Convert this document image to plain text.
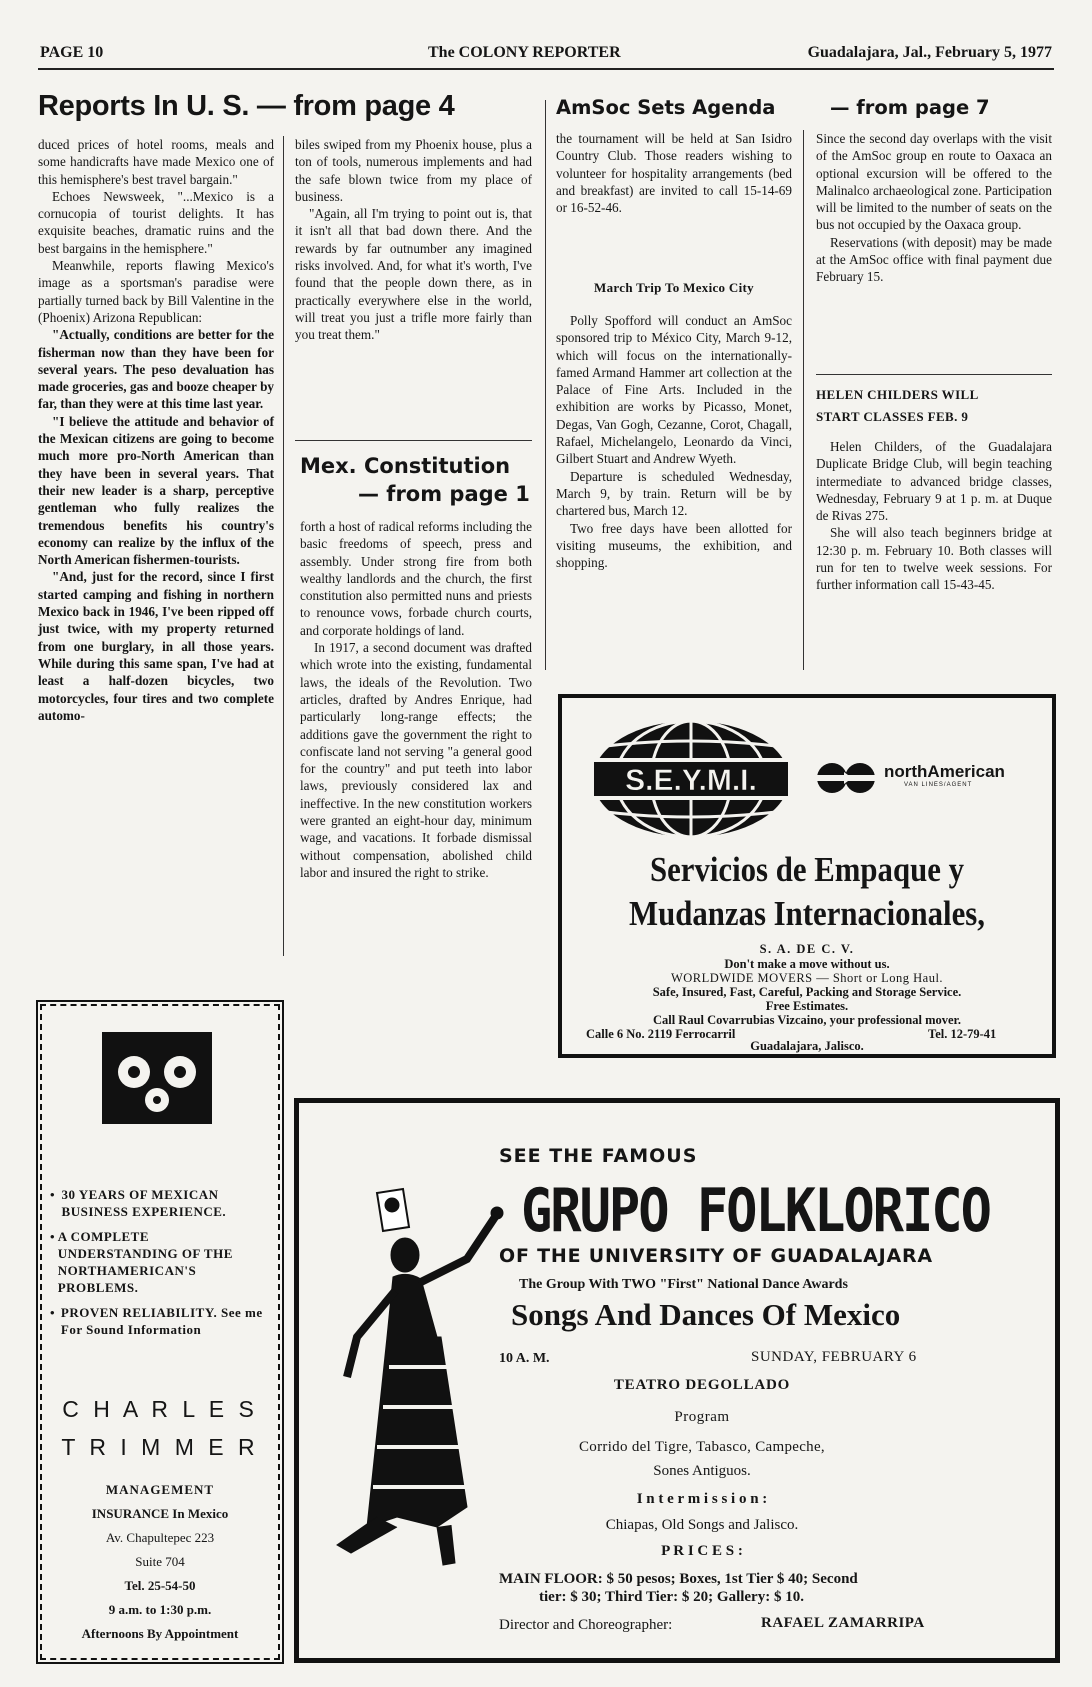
PAGE 10	The COLONY REPORTER	Guadalajara, Jal., February 5, 1977
Reports In U. S. — from page 4

duced prices of hotel rooms, meals and some handicrafts have made Mexico one of this hemisphere's best travel bargain."

Echoes Newsweek, "...Mexico is a cornucopia of tourist delights. It has exquisite beaches, dramatic ruins and the best bargains in the hemisphere."

Meanwhile, reports flawing Mexico's image as a sportsman's paradise were partially turned back by Bill Valentine in the (Phoenix) Arizona Republican:

"Actually, conditions are better for the fisherman now than they have been for several years. The peso devaluation has made groceries, gas and booze cheaper by far, than they were at this time last year.

"I believe the attitude and behavior of the Mexican citizens are going to become much more pro-North American than they have been in several years. That their new leader is a sharp, perceptive gentleman who fully realizes the tremendous benefits his country's economy can realize by the influx of the North American fishermen-tourists.

"And, just for the record, since I first started camping and fishing in northern Mexico back in 1946, I've been ripped off just twice, with my property returned from one burglary, in all those years. While during this same span, I've had at least a half-dozen bicycles, two motorcycles, four tires and two complete automo-

biles swiped from my Phoenix house, plus a ton of tools, numerous implements and had the safe blown twice from my place of business.

"Again, all I'm trying to point out is, that it isn't all that bad down there. And the rewards by far outnumber any imagined risks involved. And, for what it's worth, I've found that the people down there, as in practically everywhere else in the world, will treat you just a trifle more fairly than you treat them."

Mex. Constitution
— from page 1

forth a host of radical reforms including the basic freedoms of speech, press and assembly. Under strong fire from both wealthy landlords and the church, the first constitution also permitted nuns and priests to renounce vows, forbade church courts, and corporate holdings of land.

In 1917, a second document was drafted which wrote into the existing, fundamental laws, the ideals of the Revolution. Two articles, drafted by Andres Enrique, had particularly long-range effects; the additions gave the government the right to confiscate land not serving "a general good for the country" and put teeth into labor laws, previously considered lax and ineffective. In the new constitution workers were granted an eight-hour day, minimum wage, and vacations. It forbade dismissal without compensation, abolished child labor and insured the right to strike.

AmSoc Sets Agenda	— from page 7

the tournament will be held at San Isidro Country Club. Those readers wishing to volunteer for hospitality arrangements (bed and breakfast) are invited to call 15-14-69 or 16-52-46.

March Trip To Mexico City

Polly Spofford will conduct an AmSoc sponsored trip to México City, March 9-12, which will focus on the internationally-famed Armand Hammer art collection at the Palace of Fine Arts. Included in the exhibition are works by Picasso, Monet, Degas, Van Gogh, Cezanne, Corot, Chagall, Rafael, Michelangelo, Leonardo da Vinci, Gilbert Stuart and Andrew Wyeth.

Departure is scheduled Wednesday, March 9, by train. Return will be by chartered bus, March 12.

Two free days have been allotted for visiting museums, the exhibition, and shopping.

Since the second day overlaps with the visit of the AmSoc group en route to Oaxaca an optional excursion will be offered to the Malinalco archaeological zone. Participation will be limited to the number of seats on the bus not occupied by the Oaxaca group.

Reservations (with deposit) may be made at the AmSoc office with final payment due February 15.

HELEN CHILDERS WILL
START CLASSES FEB. 9

Helen Childers, of the Guadalajara Duplicate Bridge Club, will begin teaching intermediate to advanced bridge classes, Wednesday, February 9 at 1 p. m. at Duque de Rivas 275.

She will also teach beginners bridge at 12:30 p. m. February 10. Both classes will run for ten to twelve week sessions. For further information call 15-43-45.

S.E.Y.M.I.	northAmerican
VAN LINES/AGENT
Servicios de Empaque y
Mudanzas Internacionales,
S. A. DE C. V.
Don't make a move without us.
WORLDWIDE MOVERS — Short or Long Haul.
Safe, Insured, Fast, Careful, Packing and Storage Service.
Free Estimates.
Call Raul Covarrubias Vizcaino, your professional mover.
Calle 6 No. 2119 Ferrocarril	Tel. 12-79-41
Guadalajara, Jalisco.
• 30 YEARS OF MEXICAN BUSINESS EXPERIENCE.
• A COMPLETE UNDERSTANDING OF THE NORTHAMERICAN'S PROBLEMS.
• PROVEN RELIABILITY. See me For Sound Information
C H A R L E S
T R I M M E R
MANAGEMENT
INSURANCE In Mexico
Av. Chapultepec 223
Suite 704
Tel. 25-54-50
9 a.m. to 1:30 p.m.
Afternoons By Appointment
SEE THE FAMOUS
GRUPO FOLKLORICO
OF THE UNIVERSITY OF GUADALAJARA
The Group With TWO "First" National Dance Awards
Songs And Dances Of Mexico
10 A. M.	SUNDAY, FEBRUARY 6
TEATRO DEGOLLADO
Program
Corrido del Tigre, Tabasco, Campeche,
Sones Antiguos.
I n t e r m i s s i o n :
Chiapas, Old Songs and Jalisco.
P R I C E S :
MAIN FLOOR: $ 50 pesos; Boxes, 1st Tier $ 40; Second
tier: $ 30; Third Tier: $ 20; Gallery: $ 10.
Director and Choreographer:	RAFAEL ZAMARRIPA
